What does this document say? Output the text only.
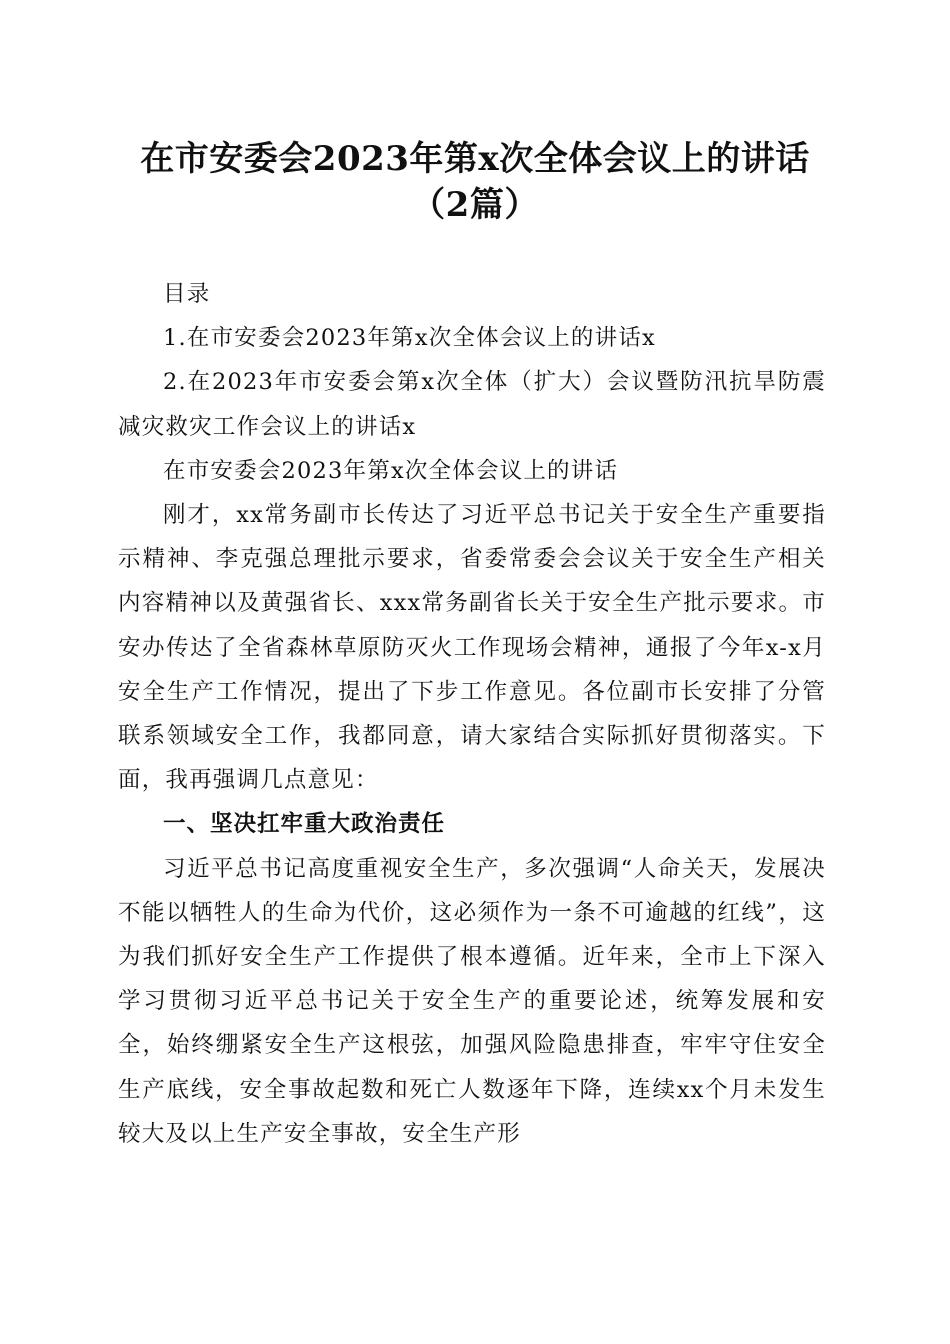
在市安委会2023年第x次全体会议上的讲话
（2篇）

目录

1.在市安委会2023年第x次全体会议上的讲话x

2.在2023年市安委会第x次全体（扩大）会议暨防汛抗旱防震减灾救灾工作会议上的讲话x

在市安委会2023年第x次全体会议上的讲话

刚才，xx常务副市长传达了习近平总书记关于安全生产重要指示精神、李克强总理批示要求，省委常委会会议关于安全生产相关内容精神以及黄强省长、xxx常务副省长关于安全生产批示要求。市安办传达了全省森林草原防灭火工作现场会精神，通报了今年x-x月安全生产工作情况，提出了下步工作意见。各位副市长安排了分管联系领域安全工作，我都同意，请大家结合实际抓好贯彻落实。下面，我再强调几点意见：

一、坚决扛牢重大政治责任

习近平总书记高度重视安全生产，多次强调“人命关天，发展决不能以牺牲人的生命为代价，这必须作为一条不可逾越的红线”，这为我们抓好安全生产工作提供了根本遵循。近年来，全市上下深入学习贯彻习近平总书记关于安全生产的重要论述，统筹发展和安全，始终绷紧安全生产这根弦，加强风险隐患排查，牢牢守住安全生产底线，安全事故起数和死亡人数逐年下降，连续xx个月未发生较大及以上生产安全事故，安全生产形
